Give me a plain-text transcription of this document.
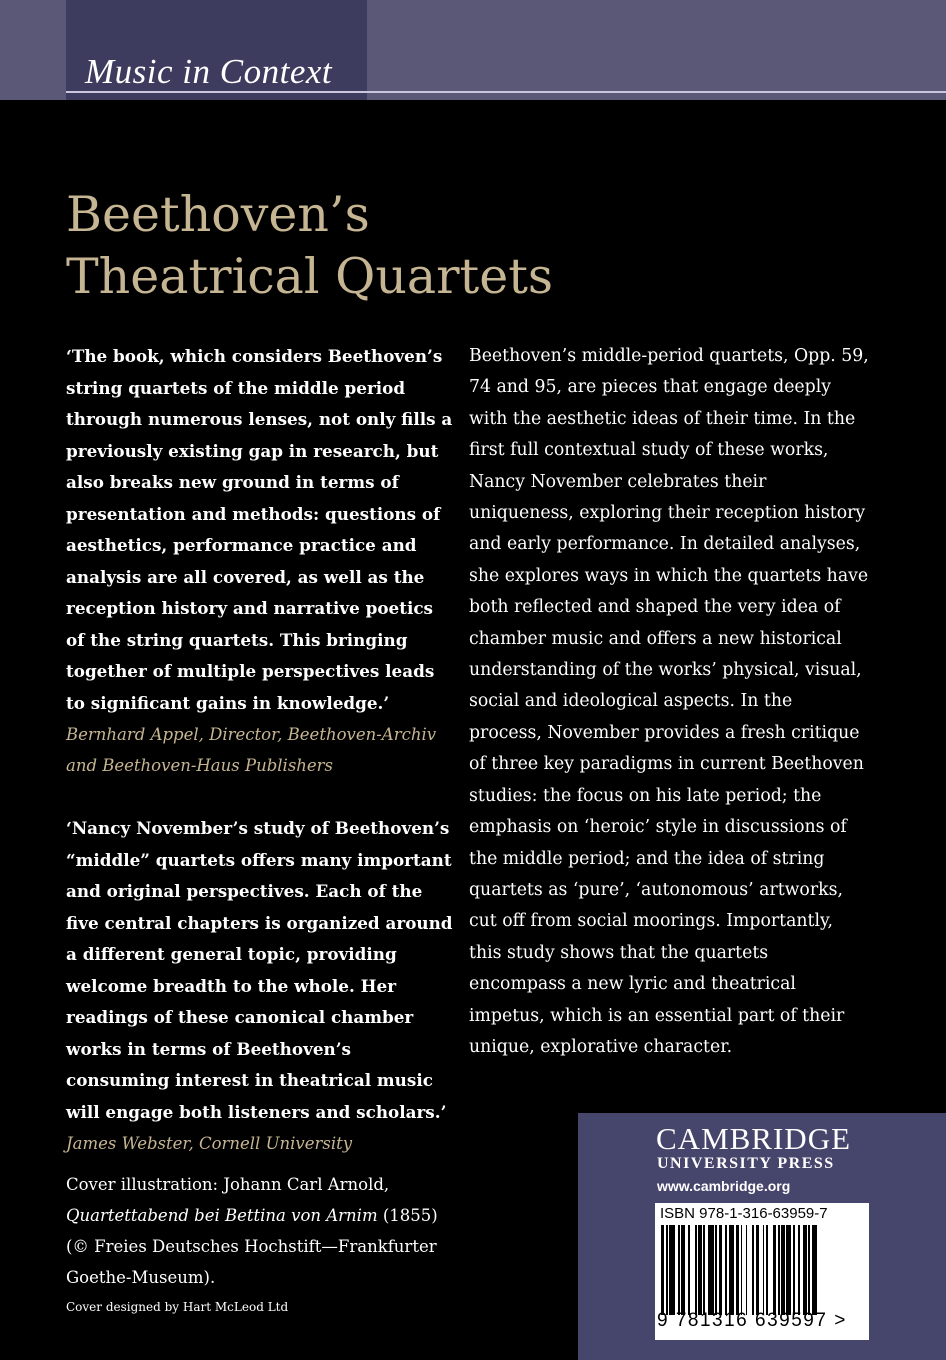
Music in Context
Beethoven’s
Theatrical Quartets

‘The book, which considers Beethoven’s string quartets of the middle period through numerous lenses, not only fills a previously existing gap in research, but also breaks new ground in terms of presentation and methods: questions of aesthetics, performance practice and analysis are all covered, as well as the reception history and narrative poetics of the string quartets. This bringing together of multiple perspectives leads to significant gains in knowledge.’

Bernhard Appel, Director, Beethoven-Archiv and Beethoven-Haus Publishers

‘Nancy November’s study of Beethoven’s “middle” quartets offers many important and original perspectives. Each of the five central chapters is organized around a different general topic, providing welcome breadth to the whole. Her readings of these canonical chamber works in terms of Beethoven’s consuming interest in theatrical music will engage both listeners and scholars.’

James Webster, Cornell University

Cover illustration: Johann Carl Arnold, Quartettabend bei Bettina von Arnim (1855) (© Freies Deutsches Hochstift—Frankfurter Goethe-Museum).
Cover designed by Hart McLeod Ltd

Beethoven’s middle-period quartets, Opp. 59, 74 and 95, are pieces that engage deeply with the aesthetic ideas of their time. In the first full contextual study of these works, Nancy November celebrates their uniqueness, exploring their reception history and early performance. In detailed analyses, she explores ways in which the quartets have both reflected and shaped the very idea of chamber music and offers a new historical understanding of the works’ physical, visual, social and ideological aspects. In the process, November provides a fresh critique of three key paradigms in current Beethoven studies: the focus on his late period; the emphasis on ‘heroic’ style in discussions of the middle period; and the idea of string quartets as ‘pure’, ‘autonomous’ artworks, cut off from social moorings. Importantly, this study shows that the quartets encompass a new lyric and theatrical impetus, which is an essential part of their unique, explorative character.

CAMBRIDGE
UNIVERSITY PRESS
www.cambridge.org
ISBN 978-1-316-63959-7
9 781316 639597 >
